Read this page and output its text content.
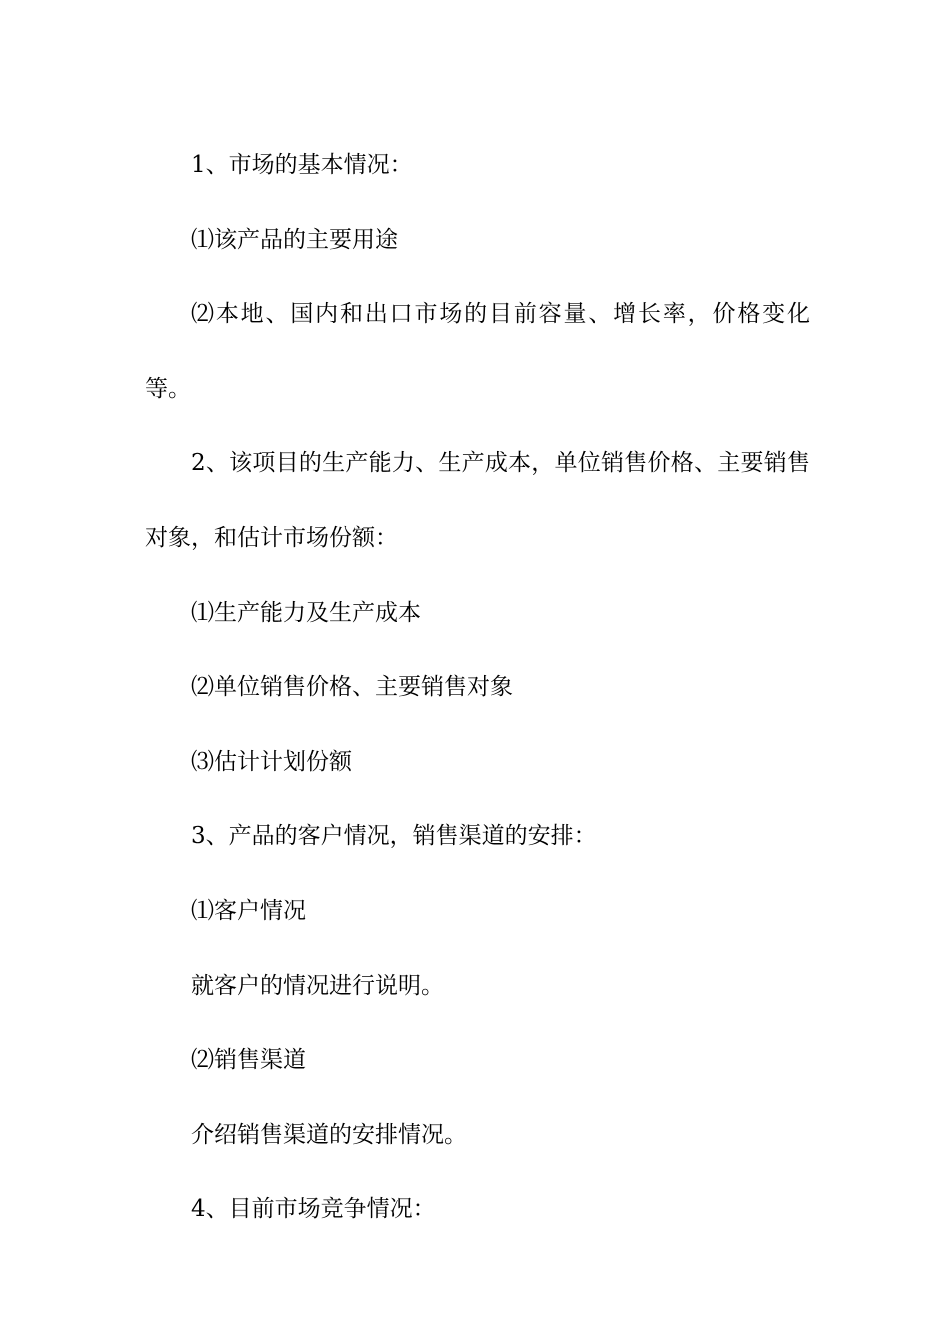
1、市场的基本情况：

⑴该产品的主要用途

⑵本地、国内和出口市场的目前容量、增长率，价格变化等。

2、该项目的生产能力、生产成本，单位销售价格、主要销售对象，和估计市场份额：

⑴生产能力及生产成本

⑵单位销售价格、主要销售对象

⑶估计计划份额

3、产品的客户情况，销售渠道的安排：

⑴客户情况

就客户的情况进行说明。

⑵销售渠道

介绍销售渠道的安排情况。

4、目前市场竞争情况：
